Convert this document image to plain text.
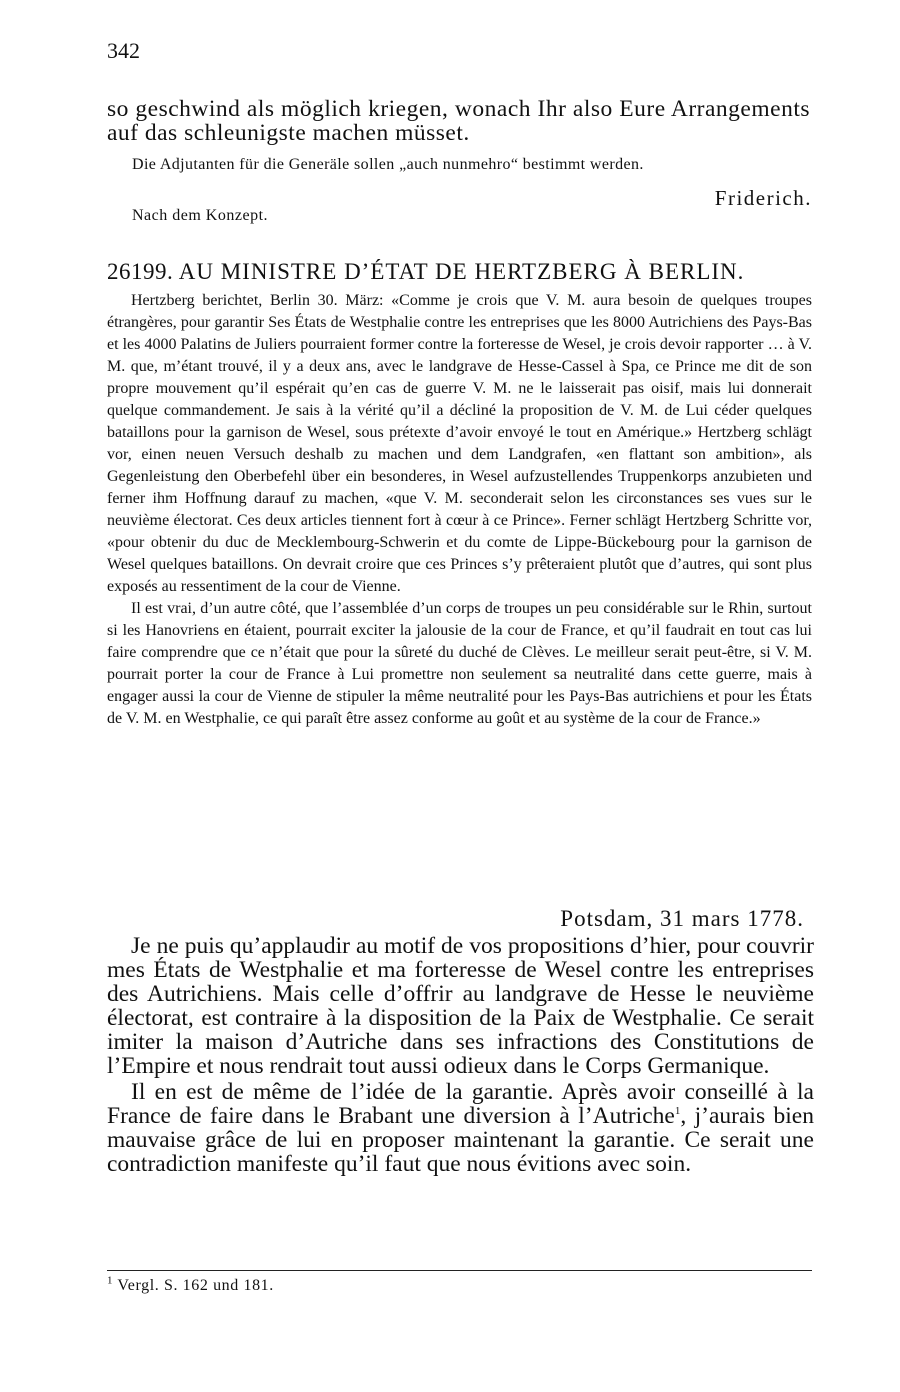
342

so geschwind als möglich kriegen, wonach Ihr also Eure Arrangements auf das schleunigste machen müsset.

Die Adjutanten für die Generäle sollen „auch nunmehro“ bestimmt werden.
Friderich.
Nach dem Konzept.
26199. AU MINISTRE D’ÉTAT DE HERTZBERG À BERLIN.

Hertzberg berichtet, Berlin 30. März: «Comme je crois que V. M. aura besoin de quelques troupes étrangères, pour garantir Ses États de Westphalie contre les entreprises que les 8000 Autrichiens des Pays-Bas et les 4000 Palatins de Juliers pourraient former contre la forteresse de Wesel, je crois devoir rapporter … à V. M. que, m’étant trouvé, il y a deux ans, avec le landgrave de Hesse-Cassel à Spa, ce Prince me dit de son propre mouvement qu’il espérait qu’en cas de guerre V. M. ne le laisserait pas oisif, mais lui donnerait quelque commandement. Je sais à la vérité qu’il a décliné la proposition de V. M. de Lui céder quelques bataillons pour la garnison de Wesel, sous prétexte d’avoir envoyé le tout en Amérique.» Hertzberg schlägt vor, einen neuen Versuch deshalb zu machen und dem Landgrafen, «en flattant son ambition», als Gegenleistung den Oberbefehl über ein besonderes, in Wesel aufzustellendes Truppenkorps anzubieten und ferner ihm Hoffnung darauf zu machen, «que V. M. seconderait selon les circonstances ses vues sur le neuvième électorat. Ces deux articles tiennent fort à cœur à ce Prince». Ferner schlägt Hertzberg Schritte vor, «pour obtenir du duc de Mecklembourg-Schwerin et du comte de Lippe-Bückebourg pour la garnison de Wesel quelques bataillons. On devrait croire que ces Princes s’y prêteraient plutôt que d’autres, qui sont plus exposés au ressentiment de la cour de Vienne.

Il est vrai, d’un autre côté, que l’assemblée d’un corps de troupes un peu considérable sur le Rhin, surtout si les Hanovriens en étaient, pourrait exciter la jalousie de la cour de France, et qu’il faudrait en tout cas lui faire comprendre que ce n’était que pour la sûreté du duché de Clèves. Le meilleur serait peut-être, si V. M. pourrait porter la cour de France à Lui promettre non seulement sa neutralité dans cette guerre, mais à engager aussi la cour de Vienne de stipuler la même neutralité pour les Pays-Bas autrichiens et pour les États de V. M. en Westphalie, ce qui paraît être assez conforme au goût et au système de la cour de France.»

Potsdam, 31 mars 1778.

Je ne puis qu’applaudir au motif de vos propositions d’hier, pour couvrir mes États de Westphalie et ma forteresse de Wesel contre les entreprises des Autrichiens. Mais celle d’offrir au landgrave de Hesse le neuvième électorat, est contraire à la disposition de la Paix de Westphalie. Ce serait imiter la maison d’Autriche dans ses infractions des Constitutions de l’Empire et nous rendrait tout aussi odieux dans le Corps Germanique.

Il en est de même de l’idée de la garantie. Après avoir conseillé à la France de faire dans le Brabant une diversion à l’Autriche$^1$, j’aurais bien mauvaise grâce de lui en proposer maintenant la garantie. Ce serait une contradiction manifeste qu’il faut que nous évitions avec soin.

$^1$ Vergl. S. 162 und 181.
